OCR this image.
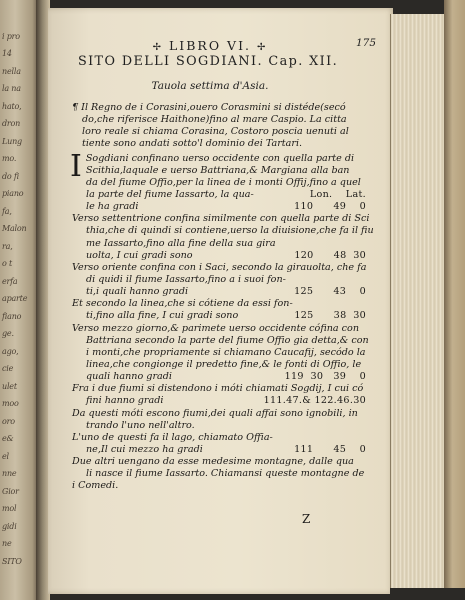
i pro
14
nella
la na
hato,
dron
Lung
mo.
do fi
piano
fa,
Malon
ra,
o t
erfa
aparte
fiano
ge.
ago,
cie
ulet
moo
oro
e&
el
nne
Gior
mol
gidi
ne
SITO
✢ LIBRO VI. ✢	175
SITO DELLI SOGDIANI. Cap. XII.
Tauola settima d'Asia.
¶ Il Regno de i Corasini,ouero Corasmini si distéde(secó
do,che riferisce Haithone)fino al mare Caspio. La citta
loro reale si chiama Corasina, Costoro poscia uenuti al
tiente sono andati sotto'l dominio dei Tartari.
I Sogdiani confinano uerso occidente con quella parte di
Scithia,laquale e uerso Battriana,& Margiana alla ban
da del fiume Offio,per la linea de i monti Offij,fino a quel
la parte del fiume Iassarto, la qua-	Lon.    Lat.
le ha gradi	110      49    0
Verso settentrione confina similmente con quella parte di Sci
thia,che di quindi si contiene,uerso la diuisione,che fa il fiu
me Iassarto,fino alla fine della sua gira
uolta, I cui gradi sono	120      48  30
Verso oriente confina con i Saci, secondo la girauolta, che fa
di quidi il fiume Iassarto,fino a i suoi fon-
ti,i quali hanno gradi	125      43    0
Et secondo la linea,che si cótiene da essi fon-
ti,fino alla fine, I cui gradi sono	125      38  30
Verso mezzo giorno,& parimete uerso occidente cófina con
Battriana secondo la parte del fiume Offio gia detta,& con
i monti,che propriamente si chiamano Caucafij, secódo la
linea,che congionge il predetto fine,& le fonti di Offio, le
quali hanno gradi	119  30   39    0
Fra i due fiumi si distendono i móti chiamati Sogdij, I cui có
fini hanno gradi	111.47.& 122.46.30
Da questi móti escono fiumi,dei quali affai sono ignobili, in
trando l'uno nell'altro.
L'uno de questi fa il lago, chiamato Offia-
ne,Il cui mezzo ha gradi	111      45    0
Due altri uengano da esse medesime montagne, dalle qua
li nasce il fiume Iassarto. Chiamansi queste montagne de
i Comedi.
Z
